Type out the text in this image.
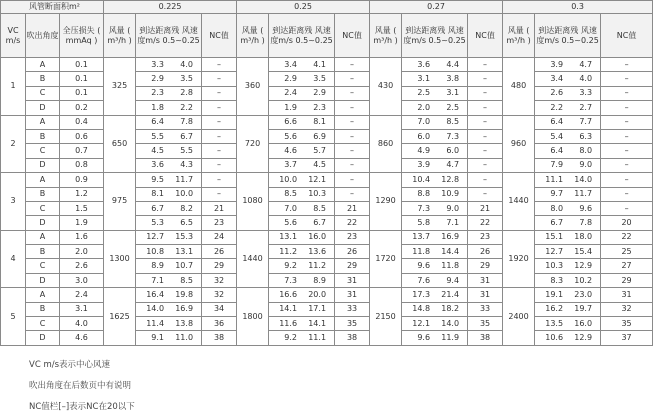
风管断面积m²			0.225			0.25			0.27			0.3		
VC m/s	吹出角度	全压损失 ( mmAq )	风量 ( m³/h )	到达距离残 风速度m/s 0.5~0.25	NC值	风量 ( m³/h )	到达距离残 风速度m/s 0.5~0.25	NC值	风量 ( m³/h )	到达距离残 风速度m/s 0.5~0.25	NC值	风量 ( m³/h )	到达距离残 风速度m/s 0.5~0.25	NC值
1	A	0.1	325	3.3 4.0	–	360	3.4 4.1	–	430	3.6 4.4	–	480	3.9 4.7	–
	B	0.1		2.9 3.5	–		2.9 3.5	–		3.1 3.8	–		3.4 4.0	–
	C	0.1		2.3 2.8	–		2.4 2.9	–		2.5 3.1	–		2.6 3.3	–
	D	0.2		1.8 2.2	–		1.9 2.3	–		2.0 2.5	–		2.2 2.7	–
2	A	0.4	650	6.4 7.8	–	720	6.6 8.1	–	860	7.0 8.5	–	960	6.4 7.7	–
	B	0.6		5.5 6.7	–		5.6 6.9	–		6.0 7.3	–		5.4 6.3	–
	C	0.7		4.5 5.5	–		4.6 5.7	–		4.9 6.0	–		6.4 8.0	–
	D	0.8		3.6 4.3	–		3.7 4.5	–		3.9 4.7	–		7.9 9.0	–
3	A	0.9	975	9.5 11.7	–	1080	10.0 12.1	–	1290	10.4 12.8	–	1440	11.1 14.0	–
	B	1.2		8.1 10.0	–		8.5 10.3	–		8.8 10.9	–		9.7 11.7	–
	C	1.5		6.7 8.2	21		7.0 8.5	21		7.3 9.0	21		8.0 9.6	–
	D	1.9		5.3 6.5	23		5.6 6.7	22		5.8 7.1	22		6.7 7.8	20
4	A	1.6	1300	12.7 15.3	24	1440	13.1 16.0	23	1720	13.7 16.9	23	1920	15.1 18.0	22
	B	2.0		10.8 13.1	26		11.2 13.6	26		11.8 14.4	26		12.7 15.4	25
	C	2.6		8.9 10.7	29		9.2 11.2	29		9.6 11.8	29		10.3 12.9	27
	D	3.0		7.1 8.5	32		7.3 8.9	31		7.6 9.4	31		8.3 10.2	29
5	A	2.4	1625	16.4 19.8	32	1800	16.6 20.0	31	2150	17.3 21.4	31	2400	19.1 23.0	31
	B	3.1		14.0 16.9	34		14.1 17.1	33		14.8 18.2	33		16.2 19.7	32
	C	4.0		11.4 13.8	36		11.6 14.1	35		12.1 14.0	35		13.5 16.0	35
	D	4.6		9.1 11.0	38		9.2 11.1	38		9.6 11.9	38		10.6 12.9	37
VC m/s表示中心风速
吹出角度在后数页中有说明
NC值栏[–]表示NC在20以下
